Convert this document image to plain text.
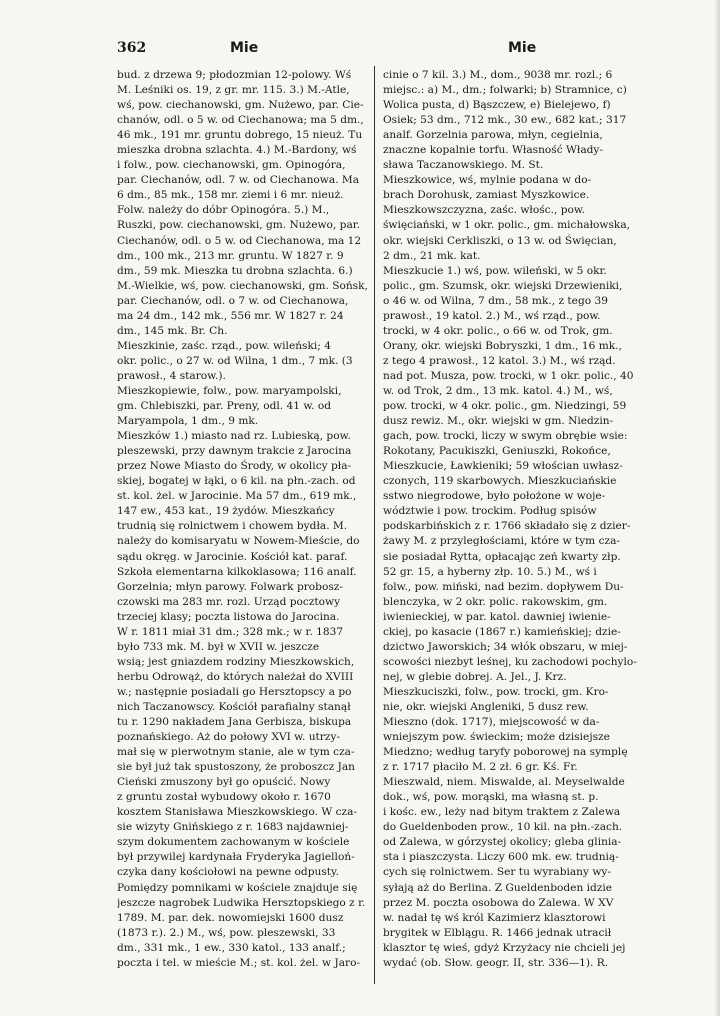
362	Mie	Mie
bud. z drzewa 9; płodozmian 12-polowy. Wś
M. Leśniki os. 19, z gr. mr. 115. 3.) M.-Atle,
wś, pow. ciechanowski, gm. Nużewo, par. Cie-
chanów, odl. o 5 w. od Ciechanowa; ma 5 dm.,
46 mk., 191 mr. gruntu dobrego, 15 nieuż. Tu
mieszka drobna szlachta. 4.) M.-Bardony, wś
i folw., pow. ciechanowski, gm. Opinogóra,
par. Ciechanów, odl. 7 w. od Ciechanowa. Ma
6 dm., 85 mk., 158 mr. ziemi i 6 mr. nieuż.
Folw. należy do dóbr Opinogóra. 5.) M.,
Ruszki, pow. ciechanowski, gm. Nużewo, par.
Ciechanów, odl. o 5 w. od Ciechanowa, ma 12
dm., 100 mk., 213 mr. gruntu. W 1827 r. 9
dm., 59 mk. Mieszka tu drobna szlachta. 6.)
M.-Wielkie, wś, pow. ciechanowski, gm. Sońsk,
par. Ciechanów, odl. o 7 w. od Ciechanowa,
ma 24 dm., 142 mk., 556 mr. W 1827 r. 24
dm., 145 mk. Br. Ch.
Mieszkinie, zaśc. rząd., pow. wileński; 4
okr. polic., o 27 w. od Wilna, 1 dm., 7 mk. (3
prawosł., 4 starow.).
Mieszkopiewie, folw., pow. maryampolski,
gm. Chlebiszki, par. Preny, odl. 41 w. od
Maryampola, 1 dm., 9 mk.
Mieszków 1.) miasto nad rz. Lubieską, pow.
pleszewski, przy dawnym trakcie z Jarocina
przez Nowe Miasto do Środy, w okolicy pła-
skiej, bogatej w łąki, o 6 kil. na płn.-zach. od
st. kol. żel. w Jarocinie. Ma 57 dm., 619 mk.,
147 ew., 453 kat., 19 żydów. Mieszkańcy
trudnią się rolnictwem i chowem bydła. M.
należy do komisaryatu w Nowem-Mieście, do
sądu okręg. w Jarocinie. Kościół kat. paraf.
Szkoła elementarna kilkoklasowa; 116 analf.
Gorzelnia; młyn parowy. Folwark probosz-
czowski ma 283 mr. rozl. Urząd pocztowy
trzeciej klasy; poczta listowa do Jarocina.
W r. 1811 miał 31 dm.; 328 mk.; w r. 1837
było 733 mk. M. był w XVII w. jeszcze
wsią; jest gniazdem rodziny Mieszkowskich,
herbu Odrowąż, do których należał do XVIII
w.; następnie posiadali go Hersztopscy a po
nich Taczanowscy. Kościół parafialny stanął
tu r. 1290 nakładem Jana Gerbisza, biskupa
poznańskiego. Aż do połowy XVI w. utrzy-
mał się w pierwotnym stanie, ale w tym cza-
sie był już tak spustoszony, że proboszcz Jan
Cieński zmuszony był go opuścić. Nowy
z gruntu został wybudowy około r. 1670
kosztem Stanisława Mieszkowskiego. W cza-
sie wizyty Gnińskiego z r. 1683 najdawniej-
szym dokumentem zachowanym w kościele
był przywilej kardynała Fryderyka Jagielloń-
czyka dany kościołowi na pewne odpusty.
Pomiędzy pomnikami w kościele znajduje się
jeszcze nagrobek Ludwika Hersztopskiego z r.
1789. M. par. dek. nowomiejski 1600 dusz
(1873 r.). 2.) M., wś, pow. pleszewski, 33
dm., 331 mk., 1 ew., 330 katol., 133 analf.;
poczta i tel. w mieście M.; st. kol. żel. w Jaro-
cinie o 7 kil. 3.) M., dom., 9038 mr. rozl.; 6
miejsc.: a) M., dm.; folwarki; b) Stramnice, c)
Wolica pusta, d) Bąszczew, e) Bielejewo, f)
Osiek; 53 dm., 712 mk., 30 ew., 682 kat.; 317
analf. Gorzelnia parowa, młyn, cegielnia,
znaczne kopalnie torfu. Własność Włady-
sława Taczanowskiego. M. St.
Mieszkowice, wś, mylnie podana w do-
brach Dorohusk, zamiast Myszkowice.
Mieszkowszczyzna, zaśc. włośc., pow.
święciański, w 1 okr. polic., gm. michałowska,
okr. wiejski Cerkliszki, o 13 w. od Święcian,
2 dm., 21 mk. kat.
Mieszkucie 1.) wś, pow. wileński, w 5 okr.
polic., gm. Szumsk, okr. wiejski Drzewieniki,
o 46 w. od Wilna, 7 dm., 58 mk., z tego 39
prawosł., 19 katol. 2.) M., wś rząd., pow.
trocki, w 4 okr. polic., o 66 w. od Trok, gm.
Orany, okr. wiejski Bobryszki, 1 dm., 16 mk.,
z tego 4 prawosł., 12 katol. 3.) M., wś rząd.
nad pot. Musza, pow. trocki, w 1 okr. polic., 40
w. od Trok, 2 dm., 13 mk. katol. 4.) M., wś,
pow. trocki, w 4 okr. polic., gm. Niedzingi, 59
dusz rewiz. M., okr. wiejski w gm. Niedzin-
gach, pow. trocki, liczy w swym obrębie wsie:
Rokotany, Pacukiszki, Geniuszki, Rokońce,
Mieszkucie, Ławkieniki; 59 włościan uwłasz-
czonych, 119 skarbowych. Mieszkuciańskie
sstwo niegrodowe, było położone w woje-
wództwie i pow. trockim. Podług spisów
podskarbińskich z r. 1766 składało się z dzier-
żawy M. z przyległościami, które w tym cza-
sie posiadał Rytta, opłacając zeń kwarty złp.
52 gr. 15, a hyberny złp. 10. 5.) M., wś i
folw., pow. miński, nad bezim. dopływem Du-
blenczyka, w 2 okr. polic. rakowskim, gm.
iwienieckiej, w par. katol. dawniej iwienie-
ckiej, po kasacie (1867 r.) kamieńskiej; dzie-
dzictwo Jaworskich; 34 włók obszaru, w miej-
scowości niezbyt leśnej, ku zachodowi pochylo-
nej, w glebie dobrej. A. Jel., J. Krz.
Mieszkuciszki, folw., pow. trocki, gm. Kro-
nie, okr. wiejski Angleniki, 5 dusz rew.
Mieszno (dok. 1717), miejscowość w da-
wniejszym pow. świeckim; może dzisiejsze
Miedzno; według taryfy poborowej na symplę
z r. 1717 płaciło M. 2 zł. 6 gr. Kś. Fr.
Mieszwald, niem. Miswalde, al. Meyselwalde
dok., wś, pow. morąski, ma własną st. p.
i kośc. ew., leży nad bitym traktem z Zalewa
do Gueldenboden prow., 10 kil. na płn.-zach.
od Zalewa, w górzystej okolicy; gleba glinia-
sta i piaszczysta. Liczy 600 mk. ew. trudnią-
cych się rolnictwem. Ser tu wyrabiany wy-
syłają aż do Berlina. Z Gueldenboden idzie
przez M. poczta osobowa do Zalewa. W XV
w. nadał tę wś król Kazimierz klasztorowi
brygitek w Elblągu. R. 1466 jednak utracił
klasztor tę wieś, gdyż Krzyżacy nie chcieli jej
wydać (ob. Słow. geogr. II, str. 336—1). R.
